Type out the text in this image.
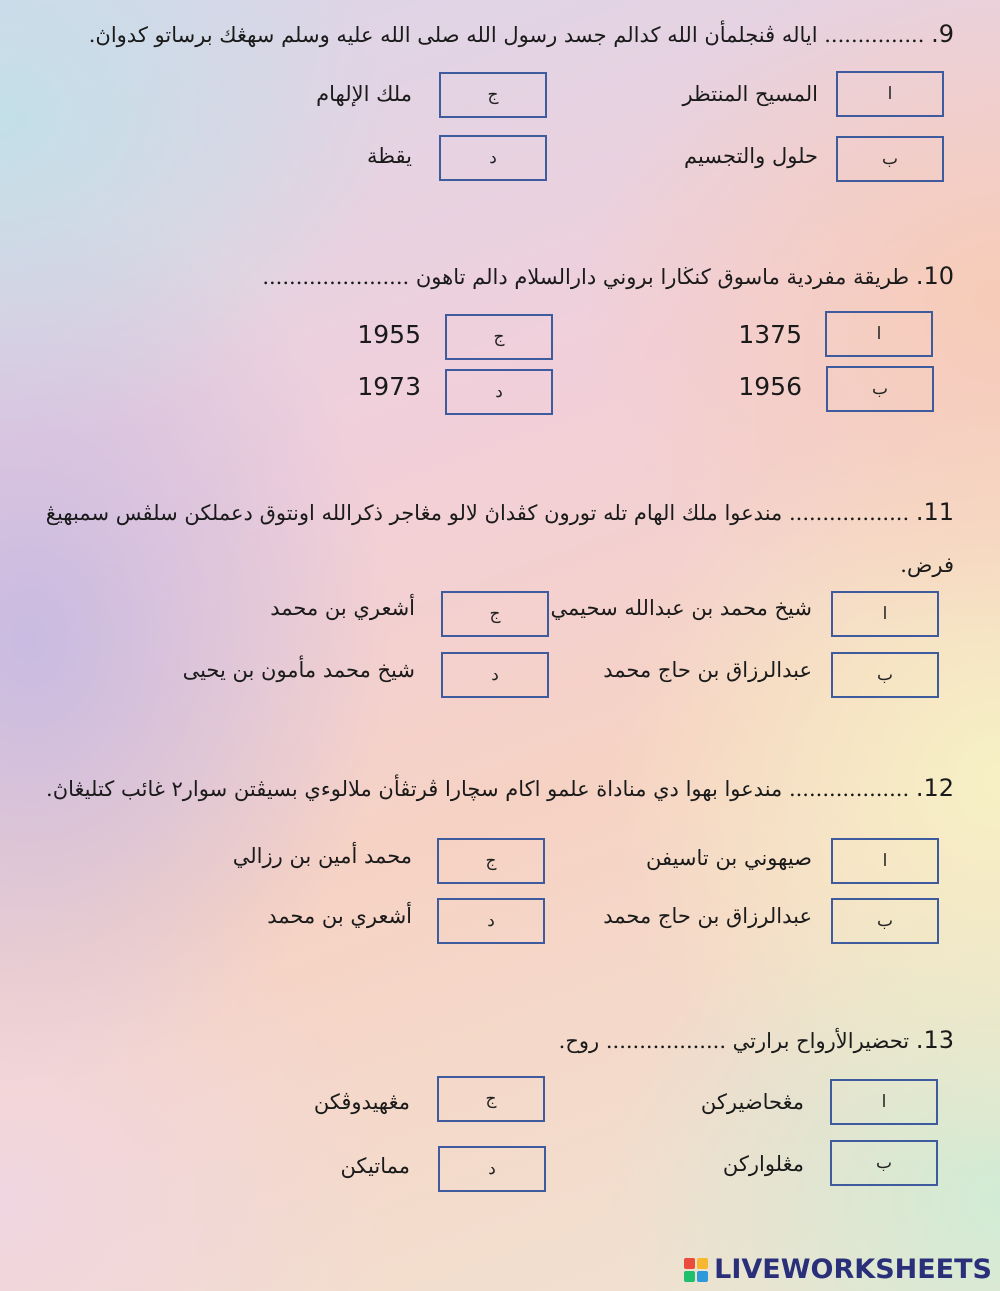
9. ............... ايا‌له ڤنجلمأن الله كدالم جسد رسول الله صلى الله عليه وسلم سهڠك برساتو كدواڽ.
ا
المسيح المنتظر
ب
حلول والتجسيم
ج
ملك الإلهام
د
يقظة
10. طريقة مفردية ماسوق كنڬارا بروني دارالسلام دالم تاهون ......................
ا
1375
ب
1956
ج
1955
د
1973
11. .................. مندعوا ملك الهام تله تورون كڤداڽ لالو مڠاجر ذكرالله اونتوق دعملكن سلڤس سمبهيڠ
فرض.
ا
شيخ محمد بن عبدالله سحيمي
ب
عبدالرزاق بن حاج محمد
ج
أشعري بن محمد
د
شيخ محمد مأمون بن يحيى
12. .................. مندعوا بهوا دي مناداة علمو اكام سچارا ڤرتڤأن ملالوءي بسيڤتن سوار٢ غائب كتليڠاڽ.
ا
صيهوني بن تاسيفن
ب
عبدالرزاق بن حاج محمد
ج
محمد أمين بن رزالي
د
أشعري بن محمد
13. تحضيرالأرواح برارتي .................. روح.
ا
مڠحاضيركن
ب
مڠلواركن
ج
مڠهيدوڤكن
د
مماتيكن
LIVEWORKSHEETS
